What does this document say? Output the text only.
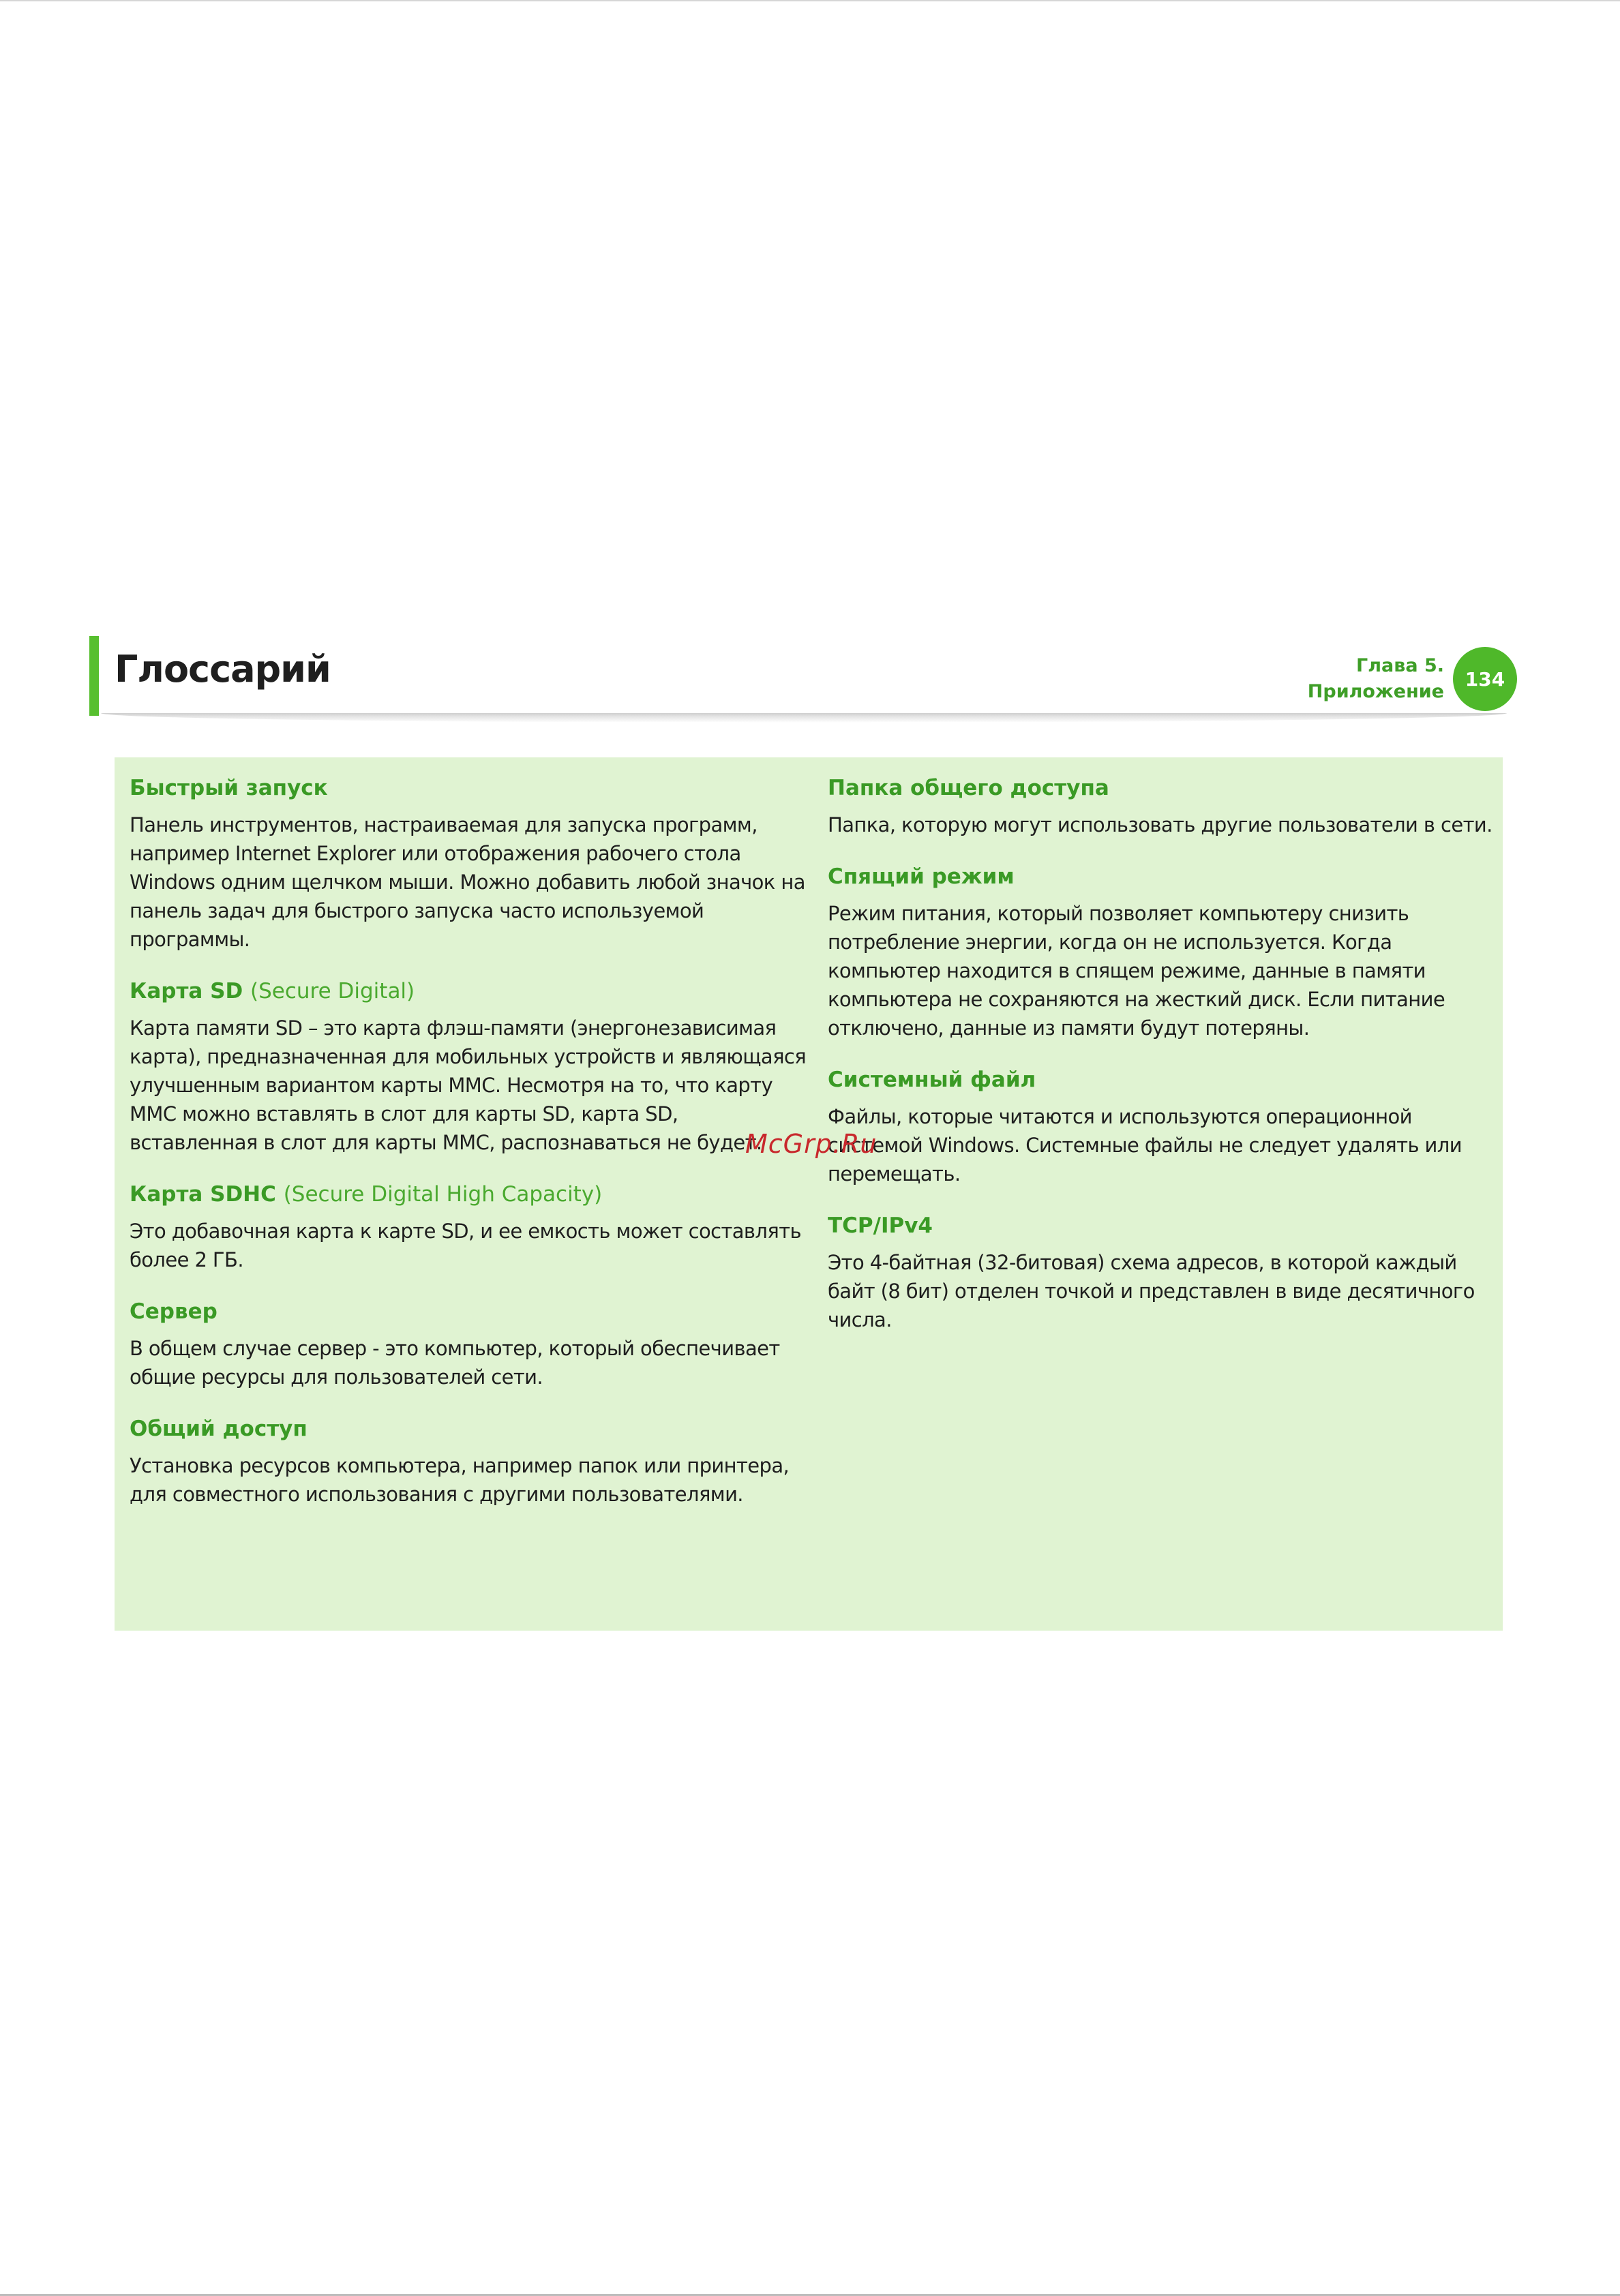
Глоссарий	Глава 5.
Приложение
134
Быстрый запуск
Панель инструментов, настраиваемая для запуска программ, например Internet Explorer или отображения рабочего стола Windows одним щелчком мыши. Можно добавить любой значок на панель задач для быстрого запуска часто используемой программы.
Карта SD (Secure Digital)
Карта памяти SD – это карта флэш-памяти (энергонезависимая карта), предназначенная для мобильных устройств и являющаяся улучшенным вариантом карты MMC. Несмотря на то, что карту MMC можно вставлять в слот для карты SD, карта SD, вставленная в слот для карты MMC, распознаваться не будет.
Карта SDHC (Secure Digital High Capacity)
Это добавочная карта к карте SD, и ее емкость может составлять более 2 ГБ.
Сервер
В общем случае сервер - это компьютер, который обеспечивает общие ресурсы для пользователей сети.
Общий доступ
Установка ресурсов компьютера, например папок или принтера, для совместного использования с другими пользователями.
Папка общего доступа
Папка, которую могут использовать другие пользователи в сети.
Спящий режим
Режим питания, который позволяет компьютеру снизить потребление энергии, когда он не используется. Когда компьютер находится в спящем режиме, данные в памяти компьютера не сохраняются на жесткий диск. Если питание отключено, данные из памяти будут потеряны.
Системный файл
Файлы, которые читаются и используются операционной системой Windows. Системные файлы не следует удалять или перемещать.
TCP/IPv4
Это 4-байтная (32-битовая) схема адресов, в которой каждый байт (8 бит) отделен точкой и представлен в виде десятичного числа.
McGrp.Ru
